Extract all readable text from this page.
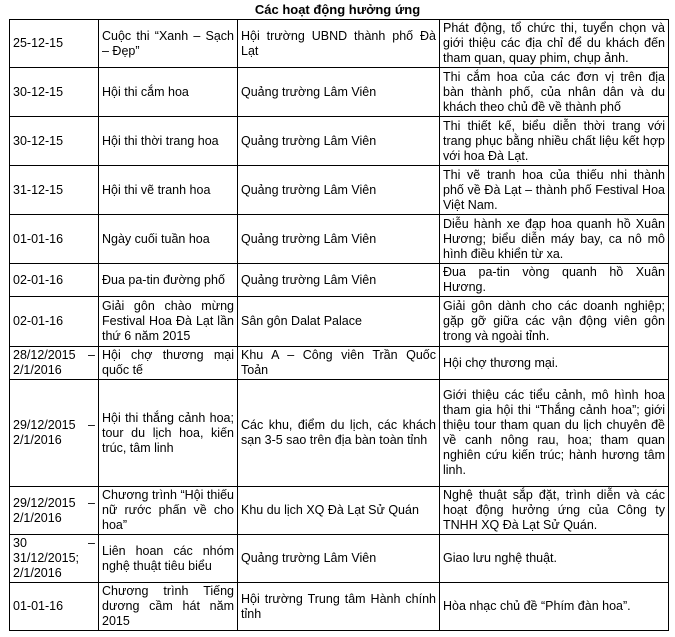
Các hoạt động hưởng ứng
25-12-15	Cuộc thi “Xanh – Sạch – Đẹp”	Hội trường UBND thành phố Đà Lạt	Phát động, tổ chức thi, tuyển chọn và giới thiệu các địa chỉ để du khách đến tham quan, quay phim, chụp ảnh.
30-12-15	Hội thi cắm hoa	Quảng trường Lâm Viên	Thi cắm hoa của các đơn vị trên địa bàn thành phố, của nhân dân và du khách theo chủ đề về thành phố
30-12-15	Hội thi thời trang hoa	Quảng trường Lâm Viên	Thi thiết kế, biểu diễn thời trang với trang phục bằng nhiều chất liệu kết hợp với hoa Đà Lạt.
31-12-15	Hội thi vẽ tranh hoa	Quảng trường Lâm Viên	Thi vẽ tranh hoa của thiếu nhi thành phố về Đà Lạt – thành phố Festival Hoa Việt Nam.
01-01-16	Ngày cuối tuần hoa	Quảng trường Lâm Viên	Diễu hành xe đạp hoa quanh hồ Xuân Hương; biểu diễn máy bay, ca nô mô hình điều khiển từ xa.
02-01-16	Đua pa-tin đường phố	Quảng trường Lâm Viên	Đua pa-tin vòng quanh hồ Xuân Hương.
02-01-16	Giải gôn chào mừng Festival Hoa Đà Lạt lần thứ 6 năm 2015	Sân gôn Dalat Palace	Giải gôn dành cho các doanh nghiệp; gặp gỡ giữa các vận động viên gôn trong và ngoài tỉnh.
28/12/2015 – 2/1/2016	Hội chợ thương mại quốc tế	Khu A – Công viên Trần Quốc Toản	Hội chợ thương mại.
29/12/2015 – 2/1/2016	Hội thi thắng cảnh hoa; tour du lịch hoa, kiến trúc, tâm linh	Các khu, điểm du lịch, các khách sạn 3-5 sao trên địa bàn toàn tỉnh	Giới thiệu các tiểu cảnh, mô hình hoa tham gia hội thi “Thắng cảnh hoa”; giới thiệu tour tham quan du lịch chuyên đề về canh nông rau, hoa; tham quan nghiên cứu kiến trúc; hành hương tâm linh.
29/12/2015 – 2/1/2016	Chương trình “Hội thiếu nữ rước phấn về cho hoa”	Khu du lịch XQ Đà Lạt Sử Quán	Nghệ thuật sắp đặt, trình diễn và các hoạt động hưởng ứng của Công ty TNHH XQ Đà Lạt Sử Quán.
30 – 31/12/2015; 2/1/2016	Liên hoan các nhóm nghệ thuật tiêu biểu	Quảng trường Lâm Viên	Giao lưu nghệ thuật.
01-01-16	Chương trình Tiếng dương cầm hát năm 2015	Hội trường Trung tâm Hành chính tỉnh	Hòa nhạc chủ đề “Phím đàn hoa”.
